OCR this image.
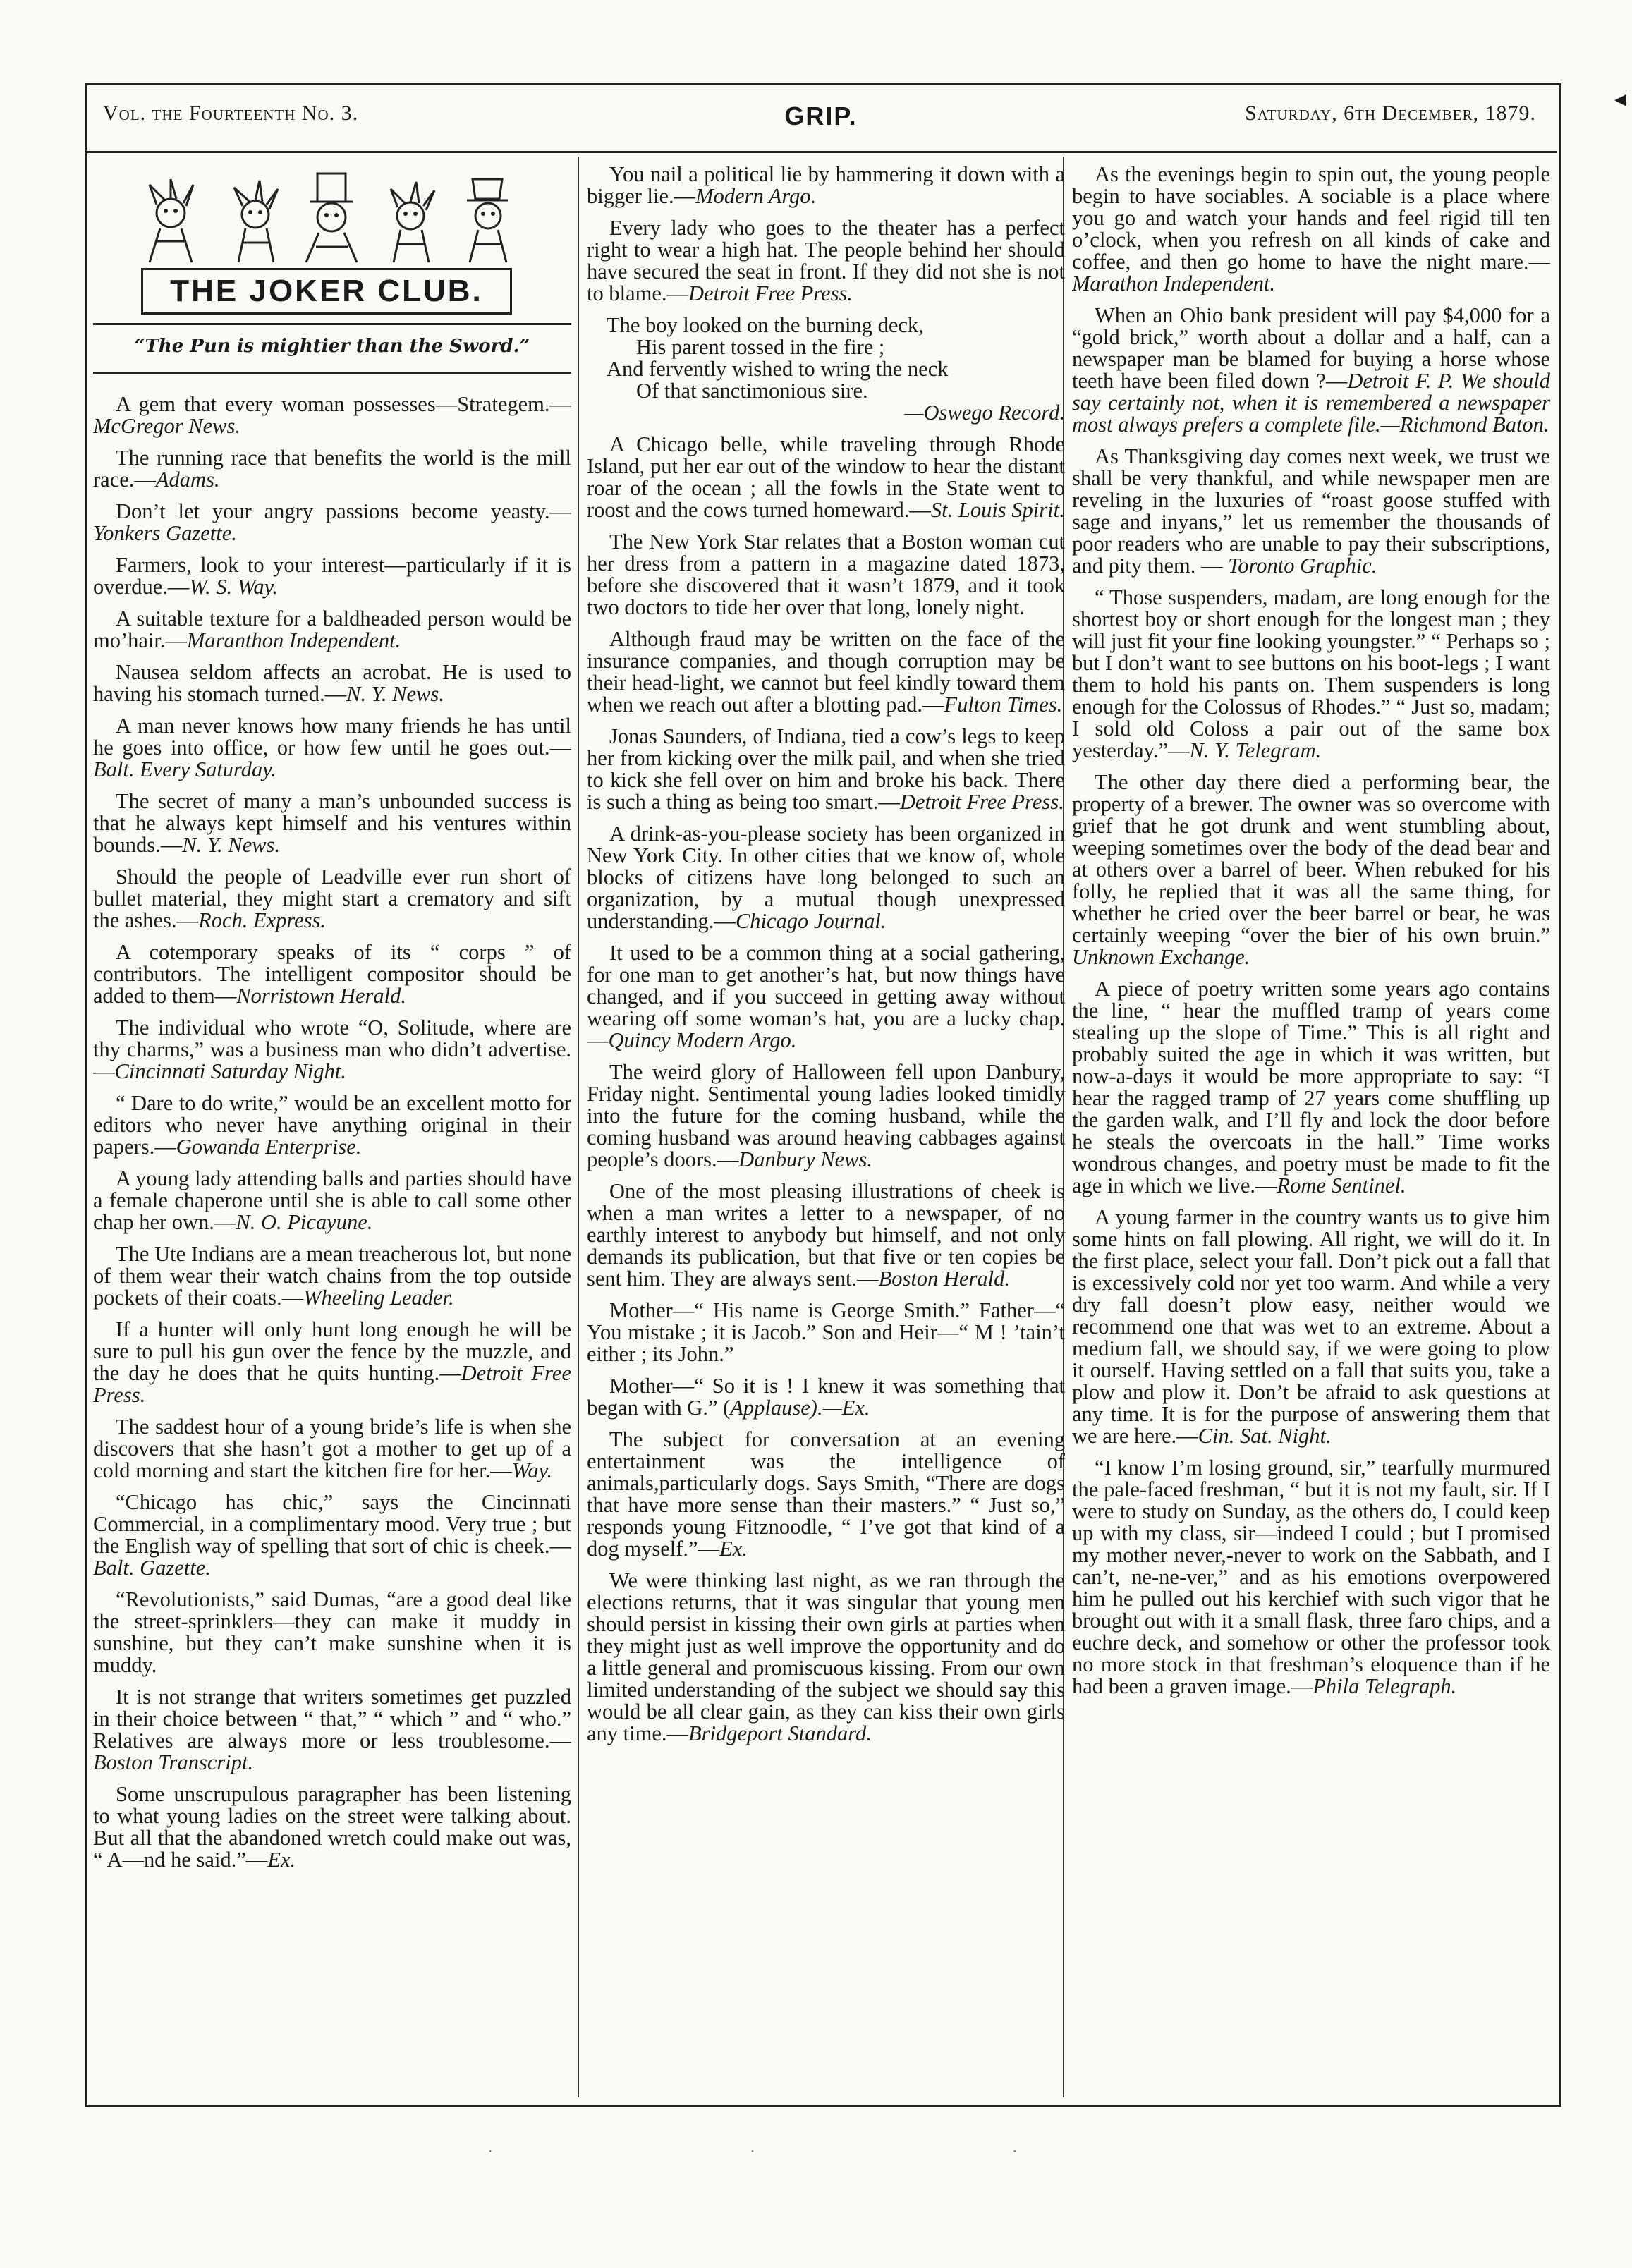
◀
Vol. the Fourteenth No. 3.	GRIP.	Saturday, 6th December, 1879.
THE JOKER CLUB.
“The Pun is mightier than the Sword.”

A gem that every woman possesses—Strategem.—McGregor News.

The running race that benefits the world is the mill race.—Adams.

Don’t let your angry passions become yeasty.—Yonkers Gazette.

Farmers, look to your interest—particularly if it is overdue.—W. S. Way.

A suitable texture for a baldheaded person would be mo’hair.—Maranthon Independent.

Nausea seldom affects an acrobat. He is used to having his stomach turned.—N. Y. News.

A man never knows how many friends he has until he goes into office, or how few until he goes out.—Balt. Every Saturday.

The secret of many a man’s unbounded success is that he always kept himself and his ventures within bounds.—N. Y. News.

Should the people of Leadville ever run short of bullet material, they might start a crematory and sift the ashes.—Roch. Express.

A cotemporary speaks of its “ corps ” of contributors. The intelligent compositor should be added to them—Norristown Herald.

The individual who wrote “O, Solitude, where are thy charms,” was a business man who didn’t advertise.—Cincinnati Saturday Night.

“ Dare to do write,” would be an excellent motto for editors who never have anything original in their papers.—Gowanda Enterprise.

A young lady attending balls and parties should have a female chaperone until she is able to call some other chap her own.—N. O. Picayune.

The Ute Indians are a mean treacherous lot, but none of them wear their watch chains from the top outside pockets of their coats.—Wheeling Leader.

If a hunter will only hunt long enough he will be sure to pull his gun over the fence by the muzzle, and the day he does that he quits hunting.—Detroit Free Press.

The saddest hour of a young bride’s life is when she discovers that she hasn’t got a mother to get up of a cold morning and start the kitchen fire for her.—Way.

“Chicago has chic,” says the Cincinnati Commercial, in a complimentary mood. Very true ; but the English way of spelling that sort of chic is cheek.—Balt. Gazette.

“Revolutionists,” said Dumas, “are a good deal like the street-sprinklers—they can make it muddy in sunshine, but they can’t make sunshine when it is muddy.

It is not strange that writers sometimes get puzzled in their choice between “ that,” “ which ” and “ who.” Relatives are always more or less troublesome.—Boston Transcript.

Some unscrupulous paragrapher has been listening to what young ladies on the street were talking about. But all that the abandoned wretch could make out was, “ A—nd he said.”—Ex.

You nail a political lie by hammering it down with a bigger lie.—Modern Argo.

Every lady who goes to the theater has a perfect right to wear a high hat. The people behind her should have secured the seat in front. If they did not she is not to blame.—Detroit Free Press.

The boy looked on the burning deck,
His parent tossed in the fire ;
And fervently wished to wring the neck
Of that sanctimonious sire.
—Oswego Record.

A Chicago belle, while traveling through Rhode Island, put her ear out of the window to hear the distant roar of the ocean ; all the fowls in the State went to roost and the cows turned homeward.—St. Louis Spirit.

The New York Star relates that a Boston woman cut her dress from a pattern in a magazine dated 1873, before she discovered that it wasn’t 1879, and it took two doctors to tide her over that long, lonely night.

Although fraud may be written on the face of the insurance companies, and though corruption may be their head-light, we cannot but feel kindly toward them when we reach out after a blotting pad.—Fulton Times.

Jonas Saunders, of Indiana, tied a cow’s legs to keep her from kicking over the milk pail, and when she tried to kick she fell over on him and broke his back. There is such a thing as being too smart.—Detroit Free Press.

A drink-as-you-please society has been organized in New York City. In other cities that we know of, whole blocks of citizens have long belonged to such an organization, by a mutual though unexpressed understanding.—Chicago Journal.

It used to be a common thing at a social gathering, for one man to get another’s hat, but now things have changed, and if you succeed in getting away without wearing off some woman’s hat, you are a lucky chap.—Quincy Modern Argo.

The weird glory of Halloween fell upon Danbury, Friday night. Sentimental young ladies looked timidly into the future for the coming husband, while the coming husband was around heaving cabbages against people’s doors.—Danbury News.

One of the most pleasing illustrations of cheek is when a man writes a letter to a newspaper, of no earthly interest to anybody but himself, and not only demands its publication, but that five or ten copies be sent him. They are always sent.—Boston Herald.

Mother—“ His name is George Smith.” Father—“ You mistake ; it is Jacob.” Son and Heir—“ M ! ’tain’t either ; its John.”

Mother—“ So it is ! I knew it was something that began with G.” (Applause).—Ex.

The subject for conversation at an evening entertainment was the intelligence of animals,particularly dogs. Says Smith, “There are dogs that have more sense than their masters.” “ Just so,” responds young Fitznoodle, “ I’ve got that kind of a dog myself.”—Ex.

We were thinking last night, as we ran through the elections returns, that it was singular that young men should persist in kissing their own girls at parties when they might just as well improve the opportunity and do a little general and promiscuous kissing. From our own limited understanding of the subject we should say this would be all clear gain, as they can kiss their own girls any time.—Bridgeport Standard.

As the evenings begin to spin out, the young people begin to have sociables. A sociable is a place where you go and watch your hands and feel rigid till ten o’clock, when you refresh on all kinds of cake and coffee, and then go home to have the night mare.—Marathon Independent.

When an Ohio bank president will pay $4,000 for a “gold brick,” worth about a dollar and a half, can a newspaper man be blamed for buying a horse whose teeth have been filed down ?—Detroit F. P. We should say certainly not, when it is remembered a newspaper most always prefers a complete file.—Richmond Baton.

As Thanksgiving day comes next week, we trust we shall be very thankful, and while newspaper men are reveling in the luxuries of “roast goose stuffed with sage and inyans,” let us remember the thousands of poor readers who are unable to pay their subscriptions, and pity them. — Toronto Graphic.

“ Those suspenders, madam, are long enough for the shortest boy or short enough for the longest man ; they will just fit your fine looking youngster.” “ Perhaps so ; but I don’t want to see buttons on his boot-legs ; I want them to hold his pants on. Them suspenders is long enough for the Colossus of Rhodes.” “ Just so, madam; I sold old Coloss a pair out of the same box yesterday.”—N. Y. Telegram.

The other day there died a performing bear, the property of a brewer. The owner was so overcome with grief that he got drunk and went stumbling about, weeping sometimes over the body of the dead bear and at others over a barrel of beer. When rebuked for his folly, he replied that it was all the same thing, for whether he cried over the beer barrel or bear, he was certainly weeping “over the bier of his own bruin.” Unknown Exchange.

A piece of poetry written some years ago contains the line, “ hear the muffled tramp of years come stealing up the slope of Time.” This is all right and probably suited the age in which it was written, but now-a-days it would be more appropriate to say: “I hear the ragged tramp of 27 years come shuffling up the garden walk, and I’ll fly and lock the door before he steals the overcoats in the hall.” Time works wondrous changes, and poetry must be made to fit the age in which we live.—Rome Sentinel.

A young farmer in the country wants us to give him some hints on fall plowing. All right, we will do it. In the first place, select your fall. Don’t pick out a fall that is excessively cold nor yet too warm. And while a very dry fall doesn’t plow easy, neither would we recommend one that was wet to an extreme. About a medium fall, we should say, if we were going to plow it ourself. Having settled on a fall that suits you, take a plow and plow it. Don’t be afraid to ask questions at any time. It is for the purpose of answering them that we are here.—Cin. Sat. Night.

“I know I’m losing ground, sir,” tearfully murmured the pale-faced freshman, “ but it is not my fault, sir. If I were to study on Sunday, as the others do, I could keep up with my class, sir—indeed I could ; but I promised my mother never,-never to work on the Sabbath, and I can’t, ne-ne-ver,” and as his emotions overpowered him he pulled out his kerchief with such vigor that he brought out with it a small flask, three faro chips, and a euchre deck, and somehow or other the professor took no more stock in that freshman’s eloquence than if he had been a graven image.—Phila Telegraph.

· · ·
